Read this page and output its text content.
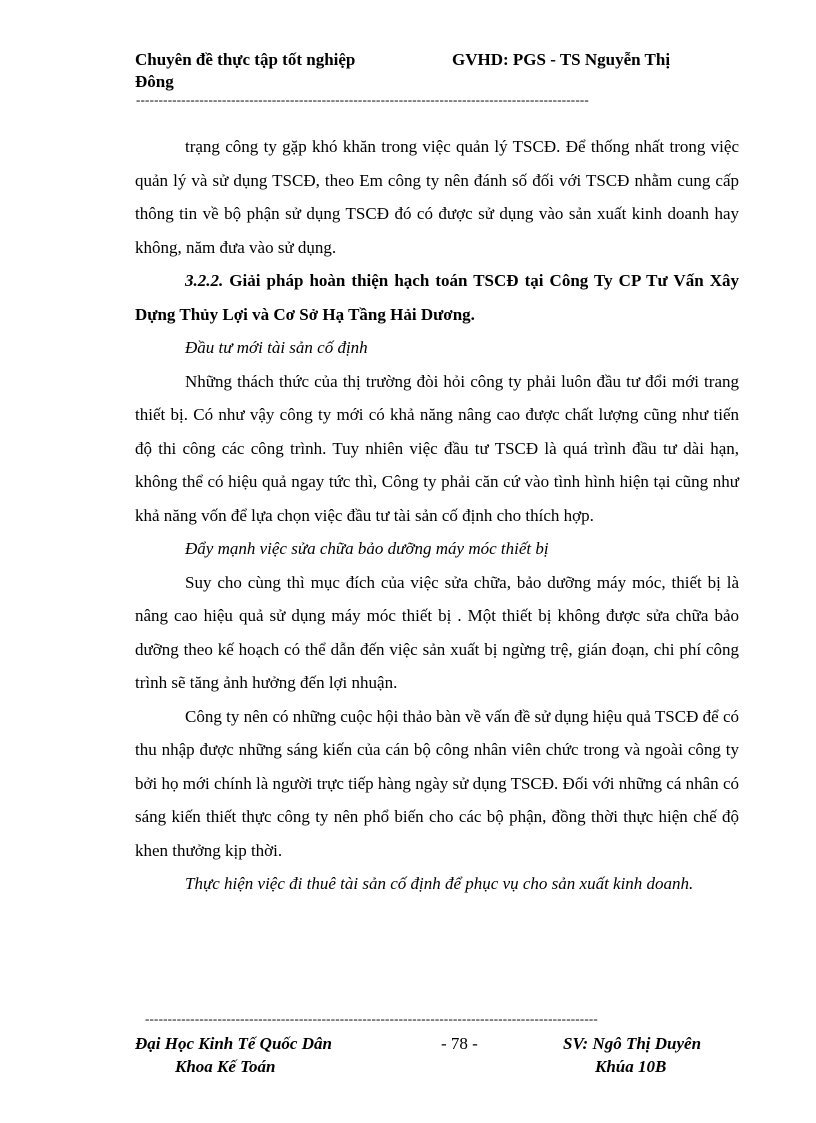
Chuyên đề thực tập tốt nghiệp	GVHD: PGS - TS Nguyễn Thị
Đông
----------------------------------------------------------------------------------------------------

trạng công ty gặp khó khăn trong việc quản lý TSCĐ. Để thống nhất trong việc quản lý và sử dụng TSCĐ, theo Em công ty nên đánh số đối với TSCĐ nhằm cung cấp thông tin về bộ phận sử dụng TSCĐ đó có được sử dụng vào sản xuất kinh doanh hay không, năm đưa vào sử dụng.

3.2.2. Giải pháp hoàn thiện hạch toán TSCĐ tại Công Ty CP Tư Vấn Xây Dựng Thủy Lợi và Cơ Sở Hạ Tầng Hải Dương.

Đầu tư mới tài sản cố định

Những thách thức của thị trường đòi hỏi công ty phải luôn đầu tư đổi mới trang thiết bị. Có như vậy công ty mới có khả năng nâng cao được chất lượng cũng như tiến độ thi công các công trình. Tuy nhiên việc đầu tư TSCĐ là quá trình đầu tư dài hạn, không thể có hiệu quả ngay tức thì, Công ty phải căn cứ vào tình hình hiện tại cũng như khả năng vốn để lựa chọn việc đầu tư tài sản cố định cho thích hợp.

Đẩy mạnh việc sửa chữa bảo dưỡng máy móc thiết bị

Suy cho cùng thì mục đích của việc sửa chữa, bảo dưỡng máy móc, thiết bị là nâng cao hiệu quả sử dụng máy móc thiết bị . Một thiết bị không được sửa chữa bảo dưỡng theo kế hoạch có thể dẫn đến việc sản xuất bị ngừng trệ, gián đoạn, chi phí công trình sẽ tăng ảnh hưởng đến lợi nhuận.

Công ty nên có những cuộc hội thảo bàn về vấn đề sử dụng hiệu quả TSCĐ để có thu nhập được những sáng kiến của cán bộ công nhân viên chức trong và ngoài công ty bởi họ mới chính là người trực tiếp hàng ngày sử dụng TSCĐ. Đối với những cá nhân có sáng kiến thiết thực công ty nên phổ biến cho các bộ phận, đồng thời thực hiện chế độ khen thưởng kịp thời.

Thực hiện việc đi thuê tài sản cố định để phục vụ cho sản xuất kinh doanh.

----------------------------------------------------------------------------------------------------
Đại Học Kinh Tế Quốc Dân
Khoa Kế Toán
- 78 -	SV: Ngô Thị Duyên
Khúa 10B
